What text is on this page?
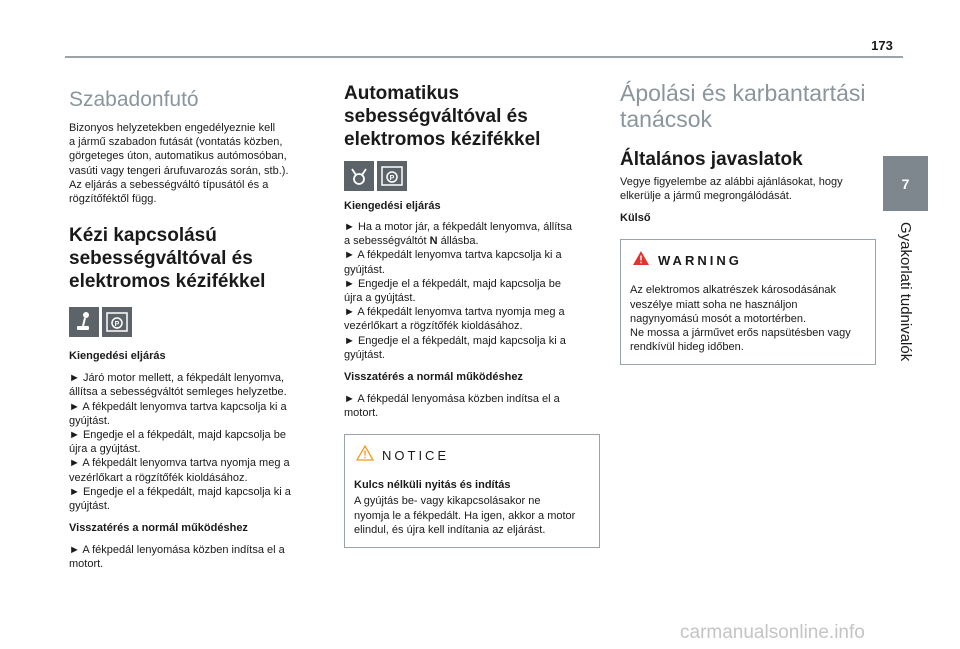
173
7
Gyakorlati tudnivalók
Szabadonfutó

Bizonyos helyzetekben engedélyeznie kell
a jármű szabadon futását (vontatás közben,
görgeteges úton, automatikus autómosóban,
vasúti vagy tengeri árufuvarozás során, stb.).
Az eljárás a sebességváltó típusától és a
rögzítőféktől függ.

Kézi kapcsolású sebességváltóval és elektromos kézifékkel
P

Kiengedési eljárás

► Járó motor mellett, a fékpedált lenyomva,
állítsa a sebességváltót semleges helyzetbe.
► A fékpedált lenyomva tartva kapcsolja ki a
gyújtást.
► Engedje el a fékpedált, majd kapcsolja be
újra a gyújtást.
► A fékpedált lenyomva tartva nyomja meg a
vezérlőkart a rögzítőfék kioldásához.
► Engedje el a fékpedált, majd kapcsolja ki a
gyújtást.

Visszatérés a normál működéshez

► A fékpedál lenyomása közben indítsa el a
motort.

Automatikus sebességváltóval és elektromos kézifékkel
P

Kiengedési eljárás

► Ha a motor jár, a fékpedált lenyomva, állítsa
a sebességváltót N állásba.
► A fékpedált lenyomva tartva kapcsolja ki a
gyújtást.
► Engedje el a fékpedált, majd kapcsolja be
újra a gyújtást.
► A fékpedált lenyomva tartva nyomja meg a
vezérlőkart a rögzítőfék kioldásához.
► Engedje el a fékpedált, majd kapcsolja ki a
gyújtást.

Visszatérés a normál működéshez

► A fékpedál lenyomása közben indítsa el a
motort.

NOTICE

Kulcs nélküli nyitás és indítás

A gyújtás be- vagy kikapcsolásakor ne
nyomja le a fékpedált. Ha igen, akkor a motor
elindul, és újra kell indítania az eljárást.

Ápolási és karbantartási tanácsok
Általános javaslatok

Vegye figyelembe az alábbi ajánlásokat, hogy
elkerülje a jármű megrongálódását.

Külső

WARNING

Az elektromos alkatrészek károsodásának
veszélye miatt soha ne használjon
nagynyomású mosót a motortérben.
Ne mossa a járművet erős napsütésben vagy
rendkívül hideg időben.

carmanualsonline.info
